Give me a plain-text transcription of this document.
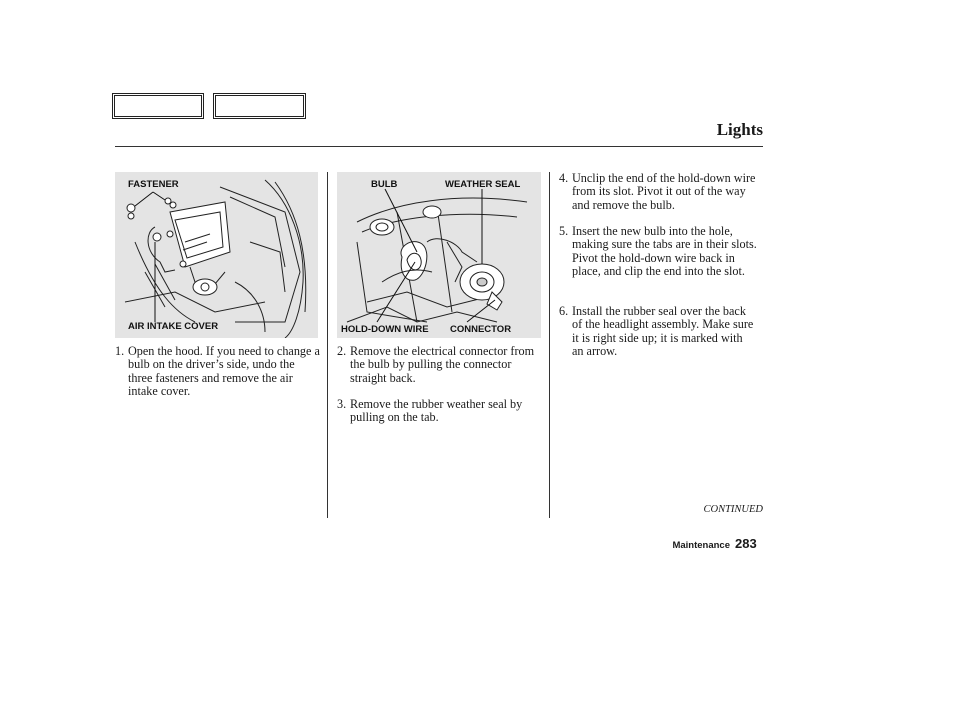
Lights
FASTENER
AIR INTAKE COVER
BULB	WEATHER SEAL
HOLD-DOWN WIRE CONNECTOR
1. Open the hood. If you need to change a bulb on the driver’s side, undo the three fasteners and remove the air intake cover.
2. Remove the electrical connector from the bulb by pulling the connector straight back.
3. Remove the rubber weather seal by pulling on the tab.
4. Unclip the end of the hold-down wire from its slot. Pivot it out of the way and remove the bulb.
5. Insert the new bulb into the hole, making sure the tabs are in their slots. Pivot the hold-down wire back in place, and clip the end into the slot.
6. Install the rubber seal over the back of the headlight assembly. Make sure it is right side up; it is marked with an arrow.
CONTINUED
Maintenance 283
